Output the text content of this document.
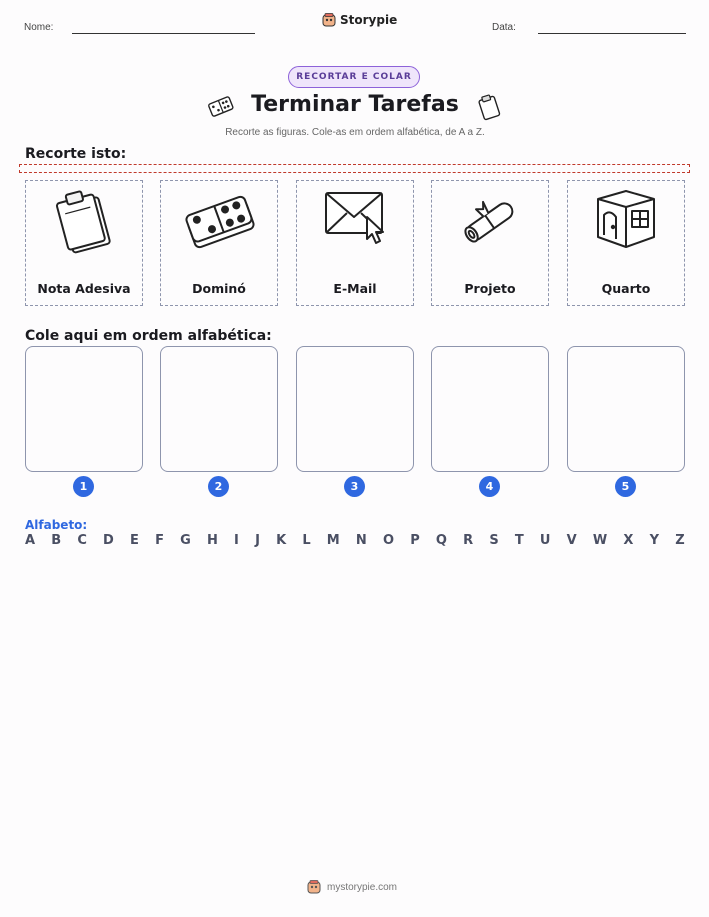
Nome:
Storypie
Data:
RECORTAR E COLAR
Terminar Tarefas
Recorte as figuras. Cole-as em ordem alfabética, de A a Z.
Recorte isto:
Nota Adesiva	Dominó	E-Mail	Projeto	Quarto
Cole aqui em ordem alfabética:
1	2	3	4	5
Alfabeto:
A B C D E F G H I J K L M N O P Q R S T U V W X Y Z
mystorypie.com
